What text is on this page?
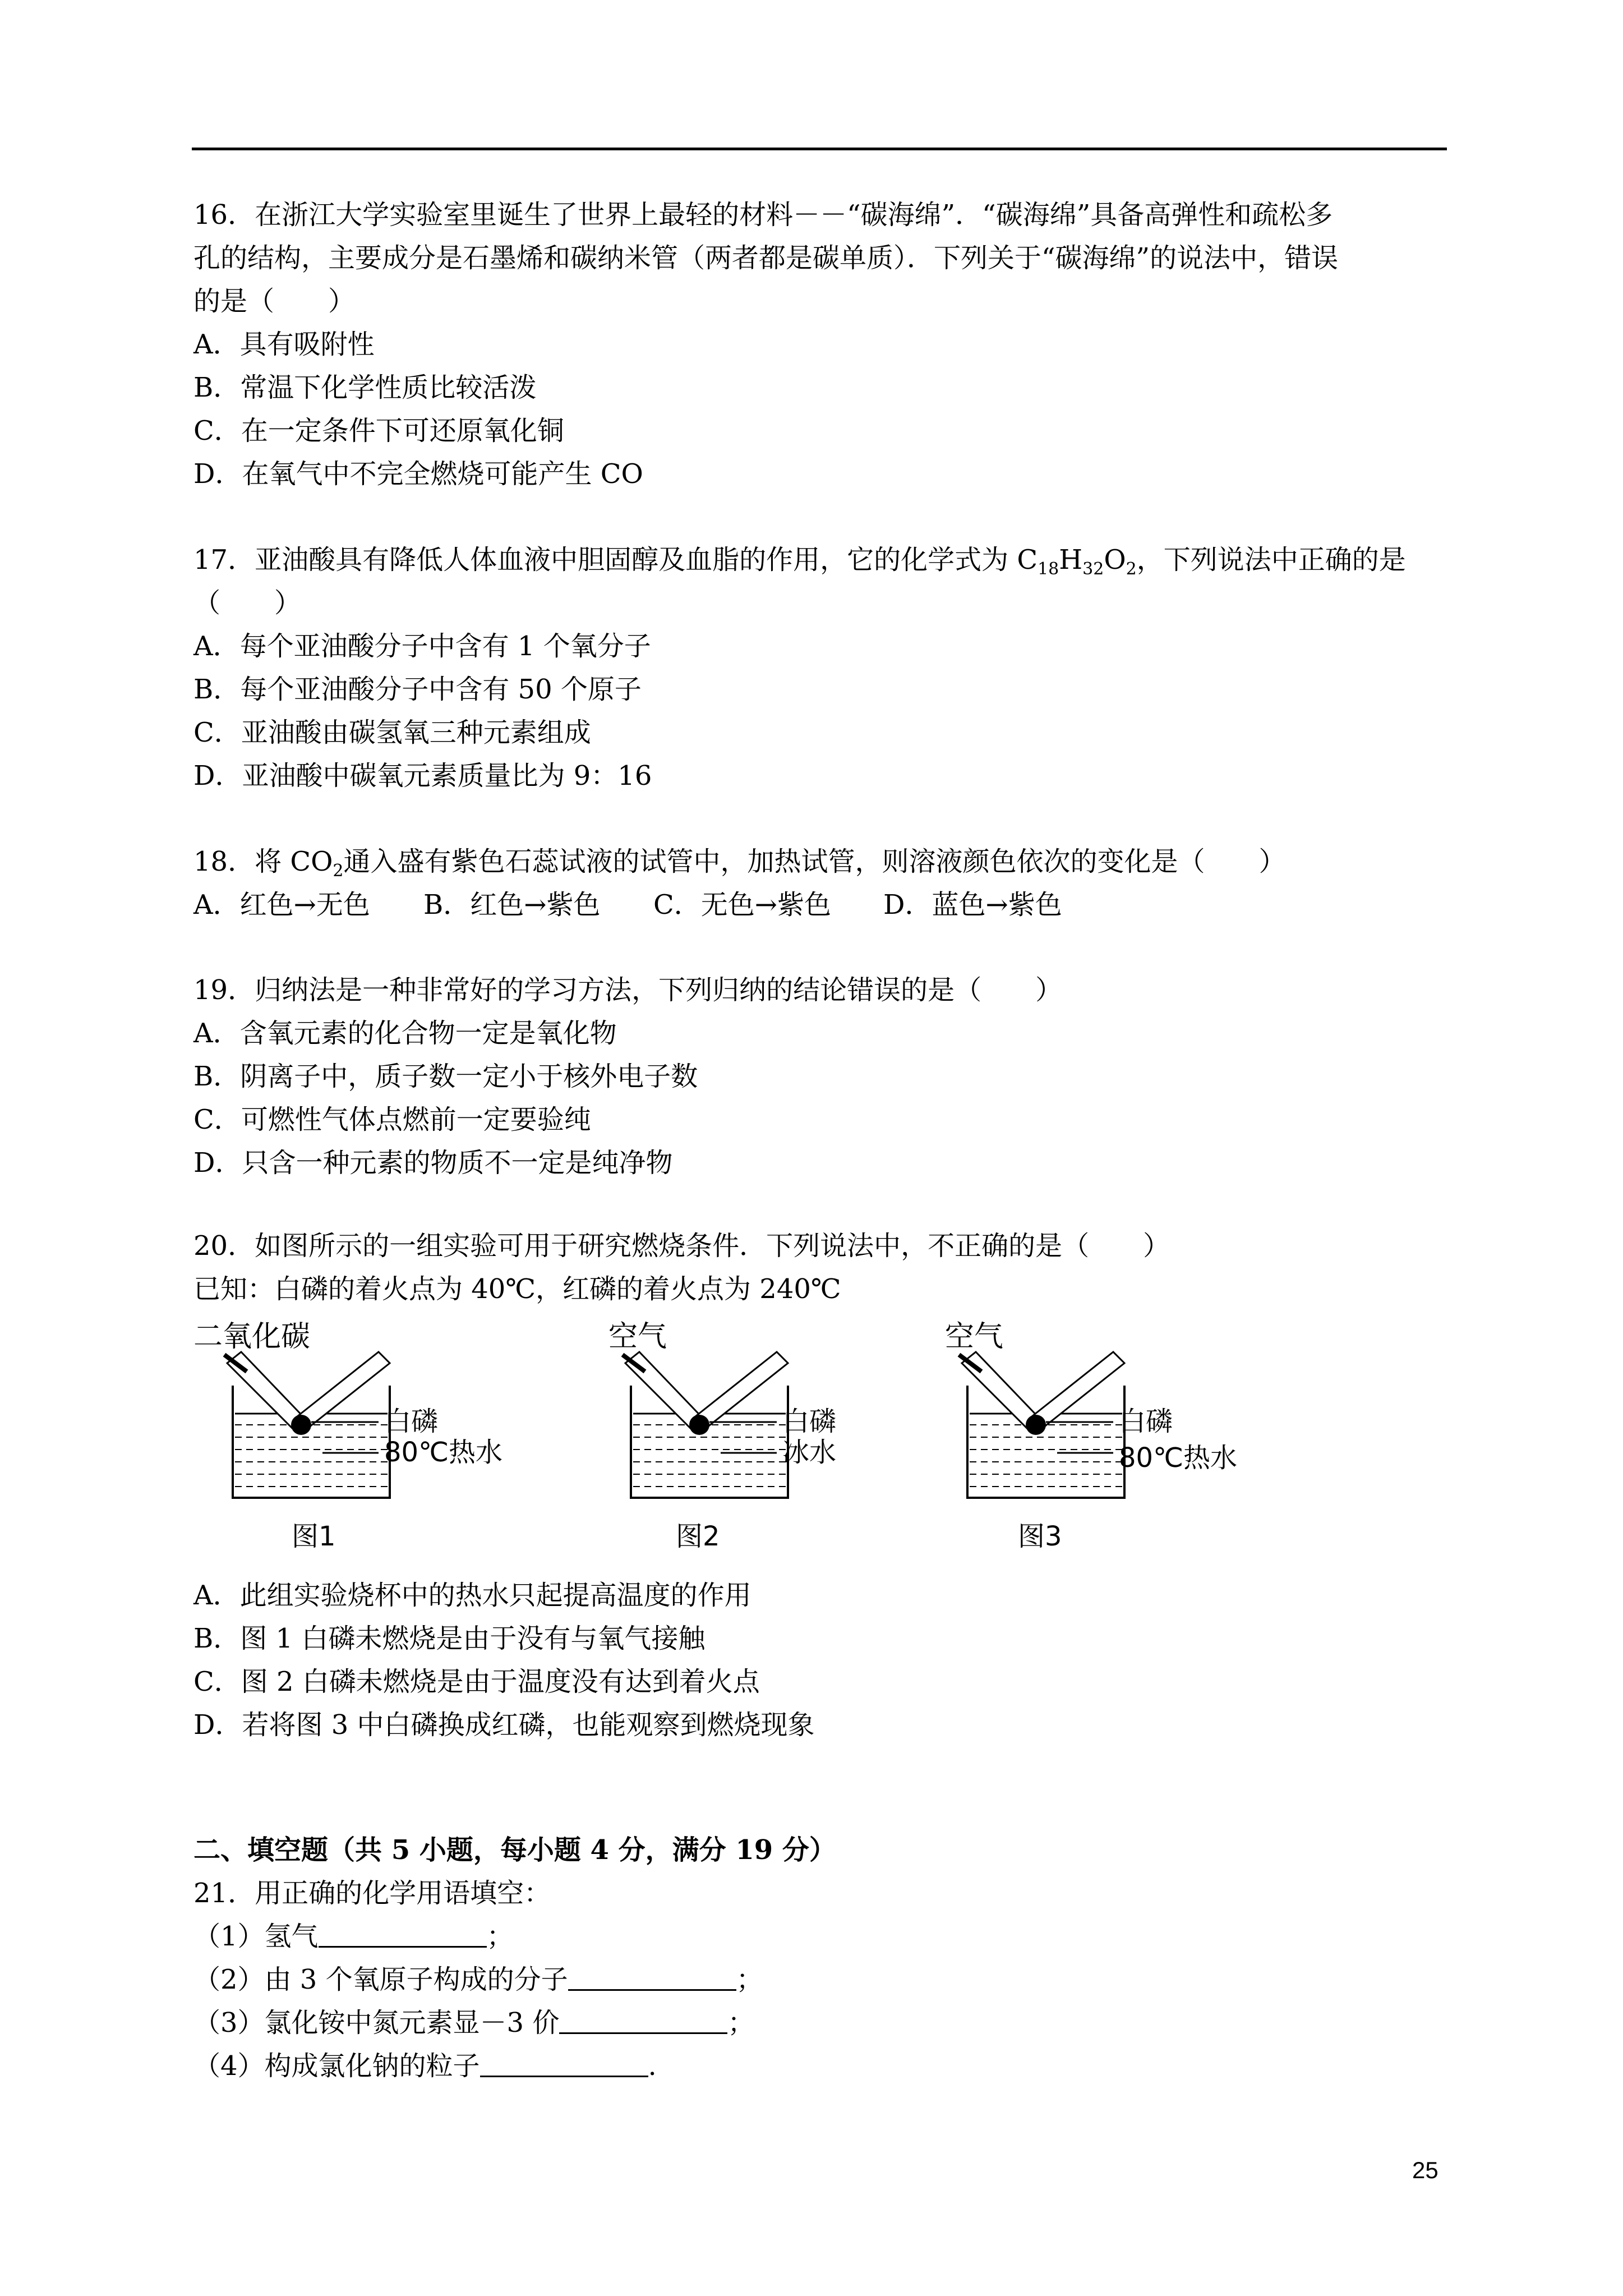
16．在浙江大学实验室里诞生了世界上最轻的材料－－“碳海绵”．“碳海绵”具备高弹性和疏松多
孔的结构，主要成分是石墨烯和碳纳米管（两者都是碳单质）．下列关于“碳海绵”的说法中，错误
的是（　　）
A．具有吸附性
B．常温下化学性质比较活泼
C．在一定条件下可还原氧化铜
D．在氧气中不完全燃烧可能产生 CO
17．亚油酸具有降低人体血液中胆固醇及血脂的作用，它的化学式为 $C_{18}H_{32}O_2$，下列说法中正确的是
（　　）
A．每个亚油酸分子中含有 1 个氧分子
B．每个亚油酸分子中含有 50 个原子
C．亚油酸由碳氢氧三种元素组成
D．亚油酸中碳氧元素质量比为 9：16
18．将 $CO_2$通入盛有紫色石蕊试液的试管中，加热试管，则溶液颜色依次的变化是（　　）
A．红色→无色	B．红色→紫色	C．无色→紫色	D．蓝色→紫色
19．归纳法是一种非常好的学习方法，下列归纳的结论错误的是（　　）
A．含氧元素的化合物一定是氧化物
B．阴离子中，质子数一定小于核外电子数
C．可燃性气体点燃前一定要验纯
D．只含一种元素的物质不一定是纯净物
20．如图所示的一组实验可用于研究燃烧条件．下列说法中，不正确的是（　　）
已知：白磷的着火点为 40℃，红磷的着火点为 240℃
二氧化碳
白磷
80℃热水
图1
空气
白磷
冰水
图2
空气
白磷
80℃热水
图3
A．此组实验烧杯中的热水只起提高温度的作用
B．图 1 白磷未燃烧是由于没有与氧气接触
C．图 2 白磷未燃烧是由于温度没有达到着火点
D．若将图 3 中白磷换成红磷，也能观察到燃烧现象
二、填空题（共 5 小题，每小题 4 分，满分 19 分）
21．用正确的化学用语填空：
（1）氢气	；
（2）由 3 个氧原子构成的分子	；
（3）氯化铵中氮元素显－3 价	；
（4）构成氯化钠的粒子	.
25
